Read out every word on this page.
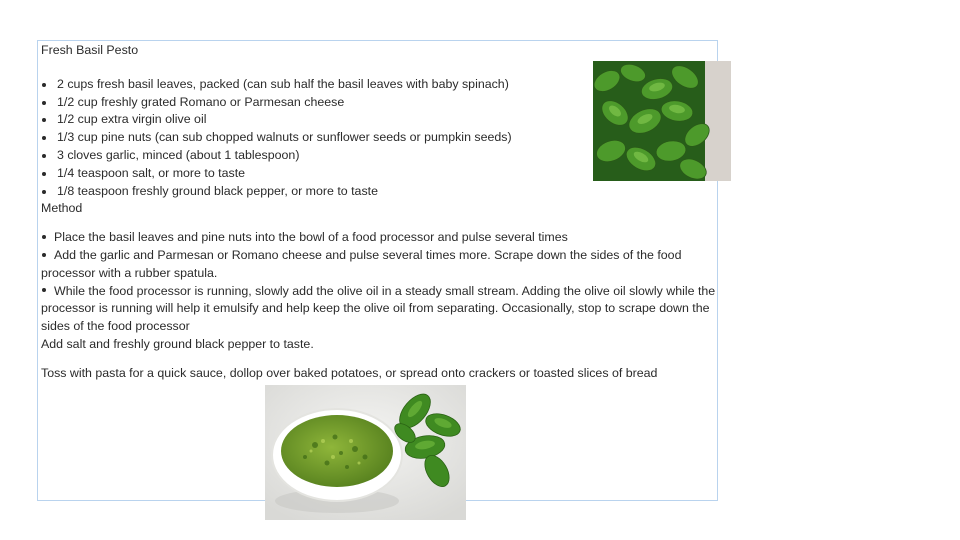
Fresh Basil Pesto
2 cups fresh basil leaves, packed (can sub half the basil leaves with baby spinach)
1/2 cup freshly grated Romano or Parmesan cheese
1/2 cup extra virgin olive oil
1/3 cup pine nuts (can sub chopped walnuts or sunflower seeds or pumpkin seeds)
3 cloves garlic, minced (about 1 tablespoon)
1/4 teaspoon salt, or more to taste
1/8 teaspoon freshly ground black pepper, or more to taste
Method

Place the basil leaves and pine nuts into the bowl of a food processor and pulse several times

Add the garlic and Parmesan or Romano cheese and pulse several times more. Scrape down the sides of the food processor with a rubber spatula.

While the food processor is running, slowly add the olive oil in a steady small stream. Adding the olive oil slowly while the processor is running will help it emulsify and help keep the olive oil from separating. Occasionally, stop to scrape down the sides of the food processor

Add salt and freshly ground black pepper to taste.

Toss with pasta for a quick sauce, dollop over baked potatoes, or spread onto crackers or toasted slices of bread
